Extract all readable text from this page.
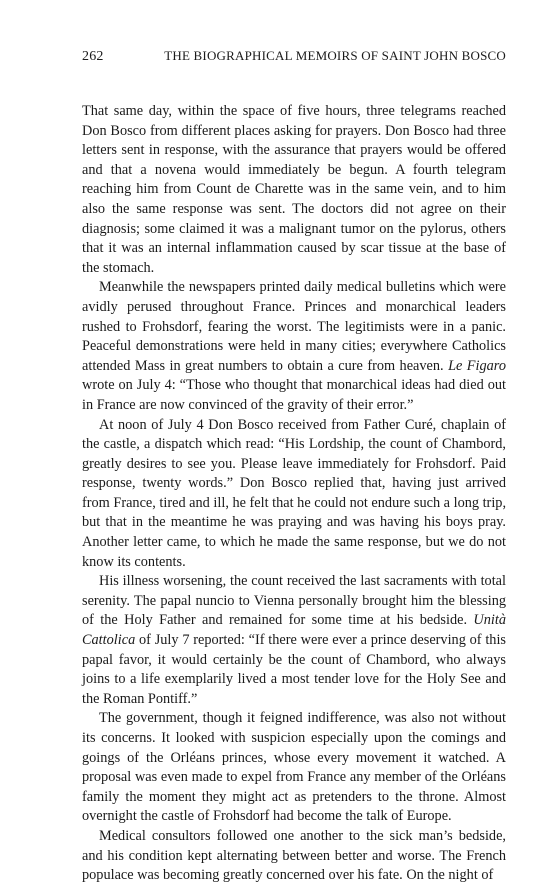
262	THE BIOGRAPHICAL MEMOIRS OF SAINT JOHN BOSCO

That same day, within the space of five hours, three telegrams reached Don Bosco from different places asking for prayers. Don Bosco had three letters sent in response, with the assurance that prayers would be offered and that a novena would immediately be begun. A fourth telegram reaching him from Count de Charette was in the same vein, and to him also the same response was sent. The doctors did not agree on their diagnosis; some claimed it was a malignant tumor on the pylorus, others that it was an internal inflammation caused by scar tissue at the base of the stomach.

Meanwhile the newspapers printed daily medical bulletins which were avidly perused throughout France. Princes and monarchical leaders rushed to Frohsdorf, fearing the worst. The legitimists were in a panic. Peaceful demonstrations were held in many cities; everywhere Catholics attended Mass in great numbers to obtain a cure from heaven. Le Figaro wrote on July 4: “Those who thought that monarchical ideas had died out in France are now convinced of the gravity of their error.”

At noon of July 4 Don Bosco received from Father Curé, chaplain of the castle, a dispatch which read: “His Lordship, the count of Chambord, greatly desires to see you. Please leave immediately for Frohsdorf. Paid response, twenty words.” Don Bosco replied that, having just arrived from France, tired and ill, he felt that he could not endure such a long trip, but that in the meantime he was praying and was having his boys pray. Another letter came, to which he made the same response, but we do not know its contents.

His illness worsening, the count received the last sacraments with total serenity. The papal nuncio to Vienna personally brought him the blessing of the Holy Father and remained for some time at his bedside. Unità Cattolica of July 7 reported: “If there were ever a prince deserving of this papal favor, it would certainly be the count of Chambord, who always joins to a life exemplarily lived a most tender love for the Holy See and the Roman Pontiff.”

The government, though it feigned indifference, was also not without its concerns. It looked with suspicion especially upon the comings and goings of the Orléans princes, whose every movement it watched. A proposal was even made to expel from France any member of the Orléans family the moment they might act as pretenders to the throne. Almost overnight the castle of Frohsdorf had become the talk of Europe.

Medical consultors followed one another to the sick man’s bedside, and his condition kept alternating between better and worse. The French populace was becoming greatly concerned over his fate. On the night of
